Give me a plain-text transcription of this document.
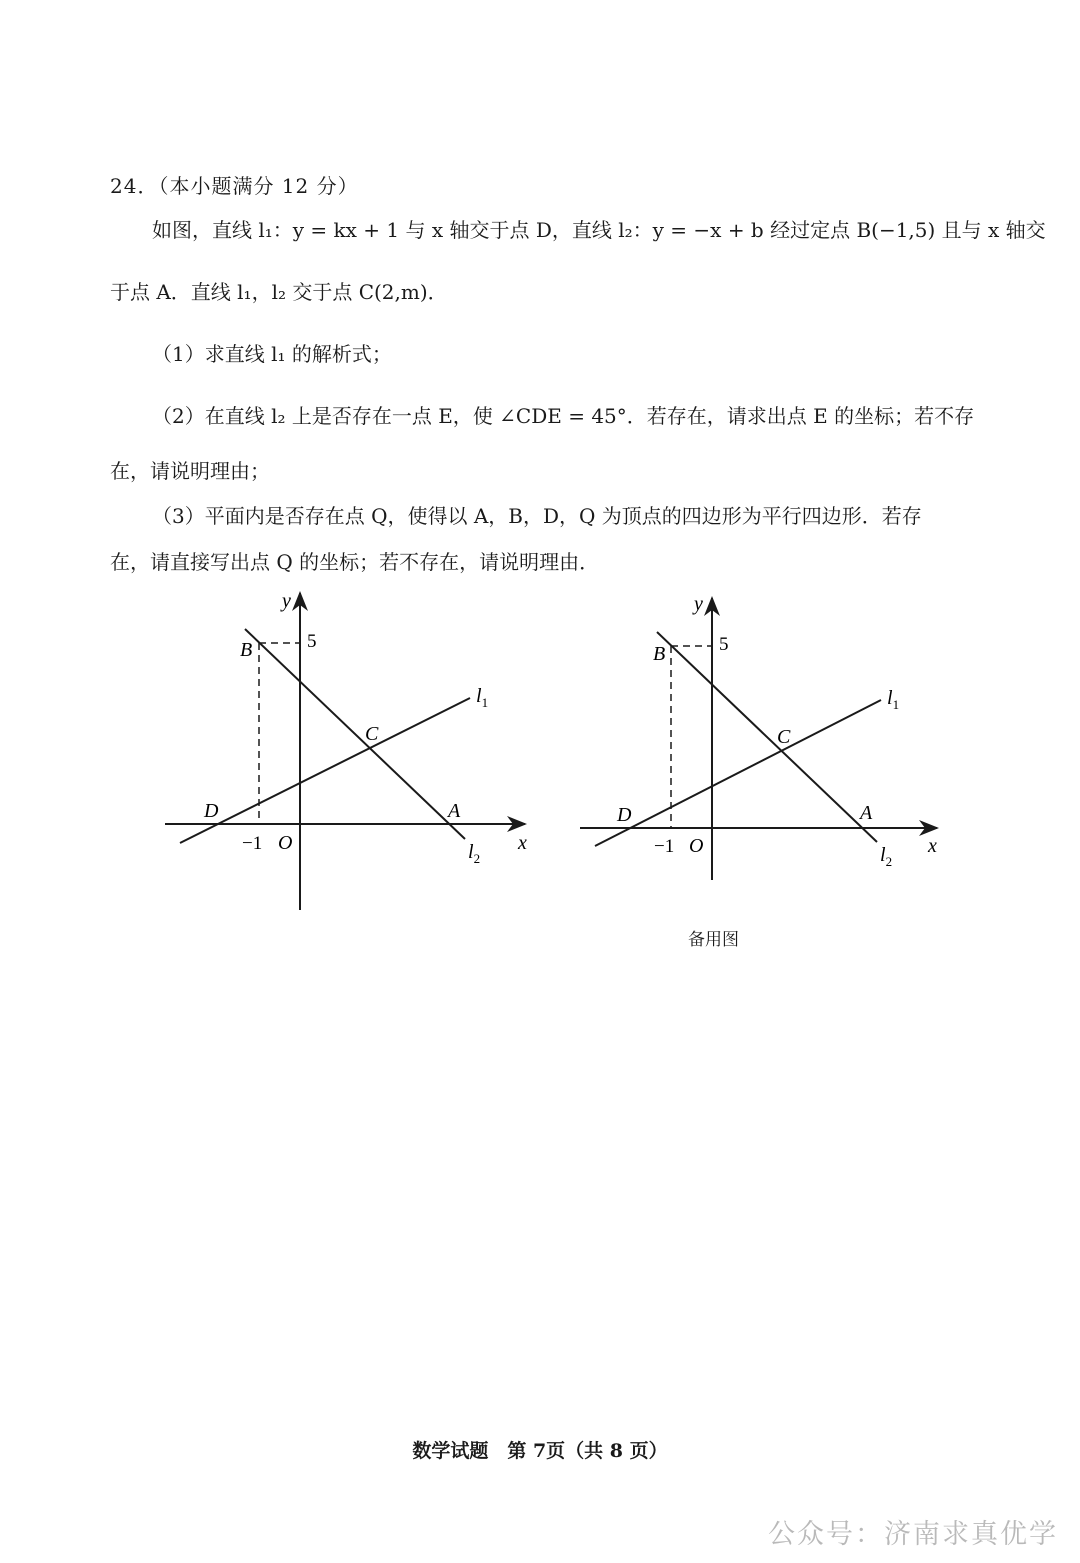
24．（本小题满分 12 分）
如图，直线 l₁：y = kx + 1 与 x 轴交于点 D，直线 l₂：y = −x + b 经过定点 B(−1,5) 且与 x 轴交
于点 A．直线 l₁，l₂ 交于点 C(2,m)．
（1）求直线 l₁ 的解析式；
（2）在直线 l₂ 上是否存在一点 E，使 ∠CDE = 45°．若存在，请求出点 E 的坐标；若不存
在，请说明理由；
（3）平面内是否存在点 Q，使得以 A，B，D，Q 为顶点的四边形为平行四边形．若存
在，请直接写出点 Q 的坐标；若不存在，请说明理由．
y
x
O
−1
5
B
C
D	A
$l_1$
$l_2$
y
x
O
−1
5
B
C
D	A
$l_1$
$l_2$
备用图
数学试题　第 7页（共 8 页）
公众号：济南求真优学
